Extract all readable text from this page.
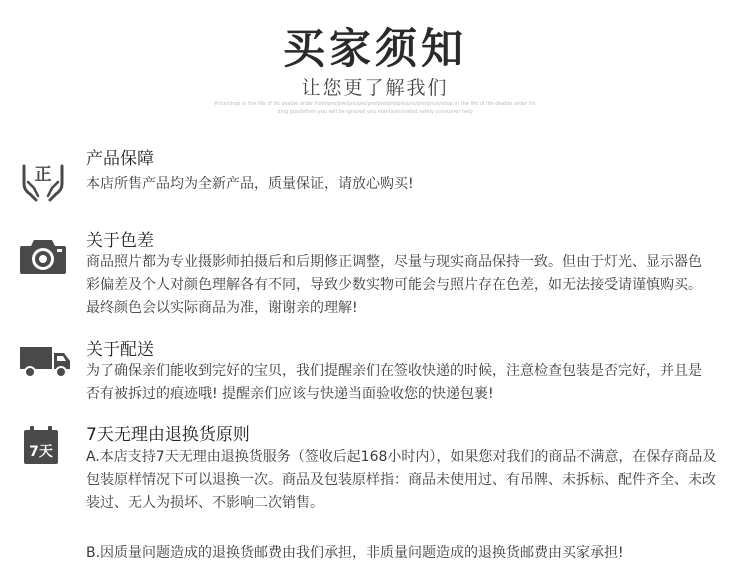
买家须知
让您更了解我们
Price/shop in the life of ife deable order from/pre/pre/pre/pre/pre/pre/pre/pre/pre/pre/price/shop in the life of life deable order fro
ding goodsthen you will be ignored you mantaominated safely consumer help
正
产品保障

本店所售产品均为全新产品，质量保证，请放心购买!

关于色差

商品照片都为专业摄影师拍摄后和后期修正调整，尽量与现实商品保持一致。但由于灯光、显示器色

彩偏差及个人对颜色理解各有不同，导致少数实物可能会与照片存在色差，如无法接受请谨慎购买。

最终颜色会以实际商品为准，谢谢亲的理解!

关于配送

为了确保亲们能收到完好的宝贝，我们提醒亲们在签收快递的时候，注意检查包装是否完好，并且是

否有被拆过的痕迹哦! 提醒亲们应该与快递当面验收您的快递包裹!

7天
7天无理由退换货原则

A.本店支持7天无理由退换货服务（签收后起168小时内），如果您对我们的商品不满意，在保存商品及

包装原样情况下可以退换一次。商品及包装原样指：商品未使用过、有吊牌、未拆标、配件齐全、未改

装过、无人为损坏、不影响二次销售。

B.因质量问题造成的退换货邮费由我们承担，非质量问题造成的退换货邮费由买家承担!
